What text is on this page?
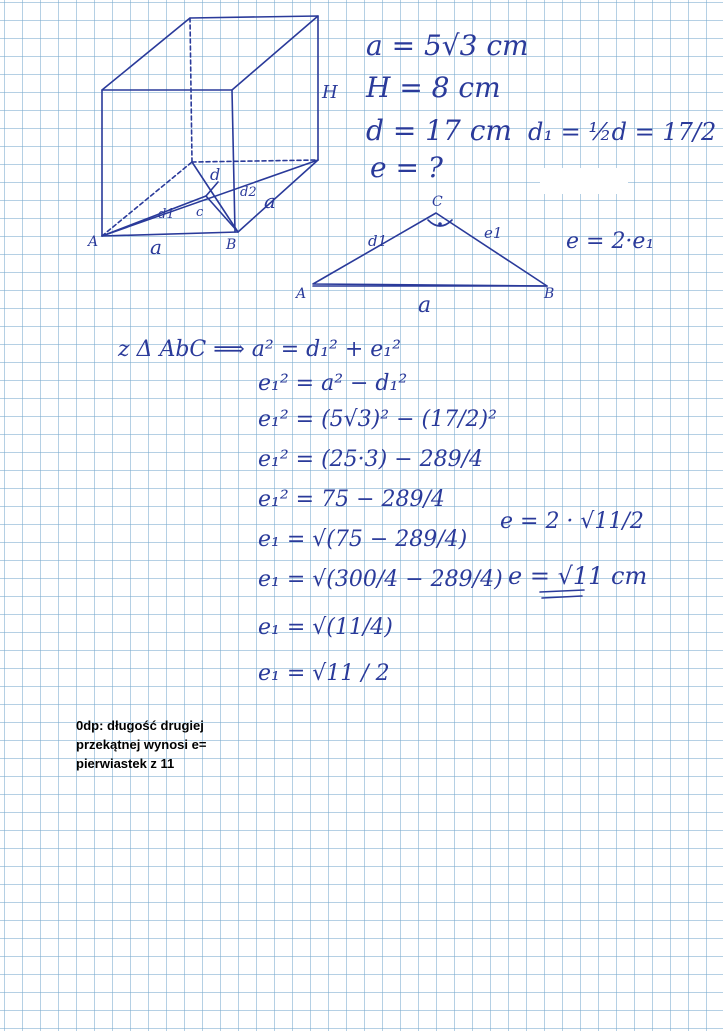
A	B
a
a
H
d
d1
d2
c
a = 5√3 cm
H = 8 cm
d = 17 cm d₁ = ½d = 17/2
e = ?
A	B
C
d1	e1
a
e = 2·e₁
z Δ AbC ⟹ a² = d₁² + e₁²
e₁² = a² − d₁²
e₁² = (5√3)² − (17/2)²
e₁² = (25·3) − 289/4
e₁² = 75 − 289/4
e₁ = √(75 − 289/4)
e₁ = √(300/4 − 289/4)
e₁ = √(11/4)
e₁ = √11 / 2
e = 2 · √11/2
e = √11 cm
0dp: długość drugiej przekątnej wynosi e= pierwiastek z 11
